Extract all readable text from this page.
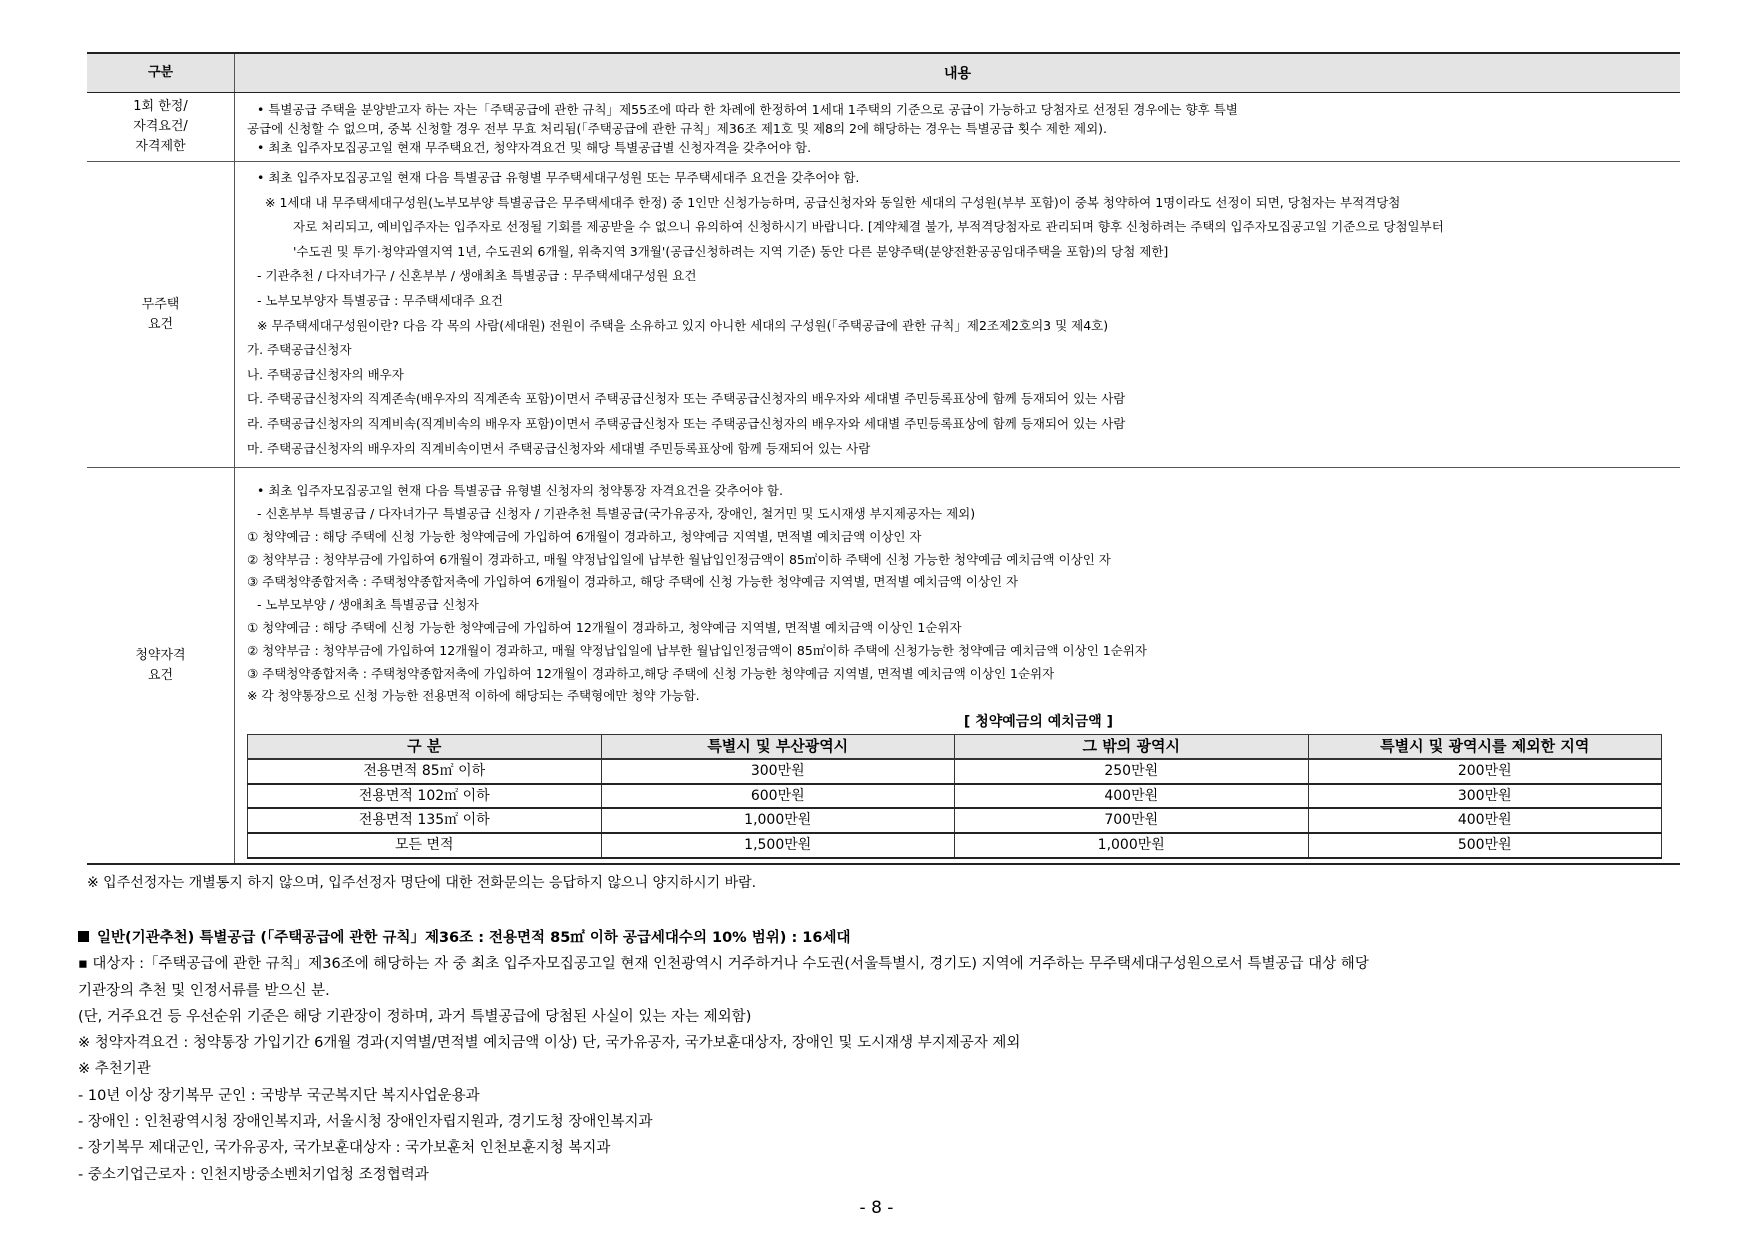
구분	내용

1회 한정/
자격요건/
자격제한

• 특별공급 주택을 분양받고자 하는 자는「주택공급에 관한 규칙」제55조에 따라 한 차례에 한정하여 1세대 1주택의 기준으로 공급이 가능하고 당첨자로 선정된 경우에는 향후 특별
공급에 신청할 수 없으며, 중복 신청할 경우 전부 무효 처리됨(「주택공급에 관한 규칙」제36조 제1호 및 제8의 2에 해당하는 경우는 특별공급 횟수 제한 제외).
• 최초 입주자모집공고일 현재 무주택요건, 청약자격요건 및 해당 특별공급별 신청자격을 갖추어야 함.

무주택
요건

• 최초 입주자모집공고일 현재 다음 특별공급 유형별 무주택세대구성원 또는 무주택세대주 요건을 갖추어야 함.
※ 1세대 내 무주택세대구성원(노부모부양 특별공급은 무주택세대주 한정) 중 1인만 신청가능하며, 공급신청자와 동일한 세대의 구성원(부부 포함)이 중복 청약하여 1명이라도 선정이 되면, 당첨자는 부적격당첨
자로 처리되고, 예비입주자는 입주자로 선정될 기회를 제공받을 수 없으니 유의하여 신청하시기 바랍니다. [계약체결 불가, 부적격당첨자로 관리되며 향후 신청하려는 주택의 입주자모집공고일 기준으로 당첨일부터
'수도권 및 투기·청약과열지역 1년, 수도권외 6개월, 위축지역 3개월'(공급신청하려는 지역 기준) 동안 다른 분양주택(분양전환공공임대주택을 포함)의 당첨 제한]
- 기관추천 / 다자녀가구 / 신혼부부 / 생애최초 특별공급 : 무주택세대구성원 요건
- 노부모부양자 특별공급 : 무주택세대주 요건
※ 무주택세대구성원이란? 다음 각 목의 사람(세대원) 전원이 주택을 소유하고 있지 아니한 세대의 구성원(「주택공급에 관한 규칙」제2조제2호의3 및 제4호)
가. 주택공급신청자
나. 주택공급신청자의 배우자
다. 주택공급신청자의 직계존속(배우자의 직계존속 포함)이면서 주택공급신청자 또는 주택공급신청자의 배우자와 세대별 주민등록표상에 함께 등재되어 있는 사람
라. 주택공급신청자의 직계비속(직계비속의 배우자 포함)이면서 주택공급신청자 또는 주택공급신청자의 배우자와 세대별 주민등록표상에 함께 등재되어 있는 사람
마. 주택공급신청자의 배우자의 직계비속이면서 주택공급신청자와 세대별 주민등록표상에 함께 등재되어 있는 사람

청약자격
요건

• 최초 입주자모집공고일 현재 다음 특별공급 유형별 신청자의 청약통장 자격요건을 갖추어야 함.
- 신혼부부 특별공급 / 다자녀가구 특별공급 신청자 / 기관추천 특별공급(국가유공자, 장애인, 철거민 및 도시재생 부지제공자는 제외)
① 청약예금 : 해당 주택에 신청 가능한 청약예금에 가입하여 6개월이 경과하고, 청약예금 지역별, 면적별 예치금액 이상인 자
② 청약부금 : 청약부금에 가입하여 6개월이 경과하고, 매월 약정납입일에 납부한 월납입인정금액이 85㎡이하 주택에 신청 가능한 청약예금 예치금액 이상인 자
③ 주택청약종합저축 : 주택청약종합저축에 가입하여 6개월이 경과하고, 해당 주택에 신청 가능한 청약예금 지역별, 면적별 예치금액 이상인 자
- 노부모부양 / 생애최초 특별공급 신청자
① 청약예금 : 해당 주택에 신청 가능한 청약예금에 가입하여 12개월이 경과하고, 청약예금 지역별, 면적별 예치금액 이상인 1순위자
② 청약부금 : 청약부금에 가입하여 12개월이 경과하고, 매월 약정납입일에 납부한 월납입인정금액이 85㎡이하 주택에 신청가능한 청약예금 예치금액 이상인 1순위자
③ 주택청약종합저축 : 주택청약종합저축에 가입하여 12개월이 경과하고,해당 주택에 신청 가능한 청약예금 지역별, 면적별 예치금액 이상인 1순위자
※ 각 청약통장으로 신청 가능한 전용면적 이하에 해당되는 주택형에만 청약 가능함.
[ 청약예금의 예치금액 ]
구 분	특별시 및 부산광역시	그 밖의 광역시	특별시 및 광역시를 제외한 지역
전용면적 85㎡ 이하	300만원	250만원	200만원
전용면적 102㎡ 이하	600만원	400만원	300만원
전용면적 135㎡ 이하	1,000만원	700만원	400만원
모든 면적	1,500만원	1,000만원	500만원
※ 입주선정자는 개별통지 하지 않으며, 입주선정자 명단에 대한 전화문의는 응답하지 않으니 양지하시기 바람.
일반(기관추천) 특별공급 (「주택공급에 관한 규칙」제36조 : 전용면적 85㎡ 이하 공급세대수의 10% 범위) : 16세대
▪ 대상자 :「주택공급에 관한 규칙」제36조에 해당하는 자 중 최초 입주자모집공고일 현재 인천광역시 거주하거나 수도권(서울특별시, 경기도) 지역에 거주하는 무주택세대구성원으로서 특별공급 대상 해당
기관장의 추천 및 인정서류를 받으신 분.
(단, 거주요건 등 우선순위 기준은 해당 기관장이 정하며, 과거 특별공급에 당첨된 사실이 있는 자는 제외함)
※ 청약자격요건 : 청약통장 가입기간 6개월 경과(지역별/면적별 예치금액 이상) 단, 국가유공자, 국가보훈대상자, 장애인 및 도시재생 부지제공자 제외
※ 추천기관
- 10년 이상 장기복무 군인 : 국방부 국군복지단 복지사업운용과
- 장애인 : 인천광역시청 장애인복지과, 서울시청 장애인자립지원과, 경기도청 장애인복지과
- 장기복무 제대군인, 국가유공자, 국가보훈대상자 : 국가보훈처 인천보훈지청 복지과
- 중소기업근로자 : 인천지방중소벤처기업청 조정협력과
- 8 -
